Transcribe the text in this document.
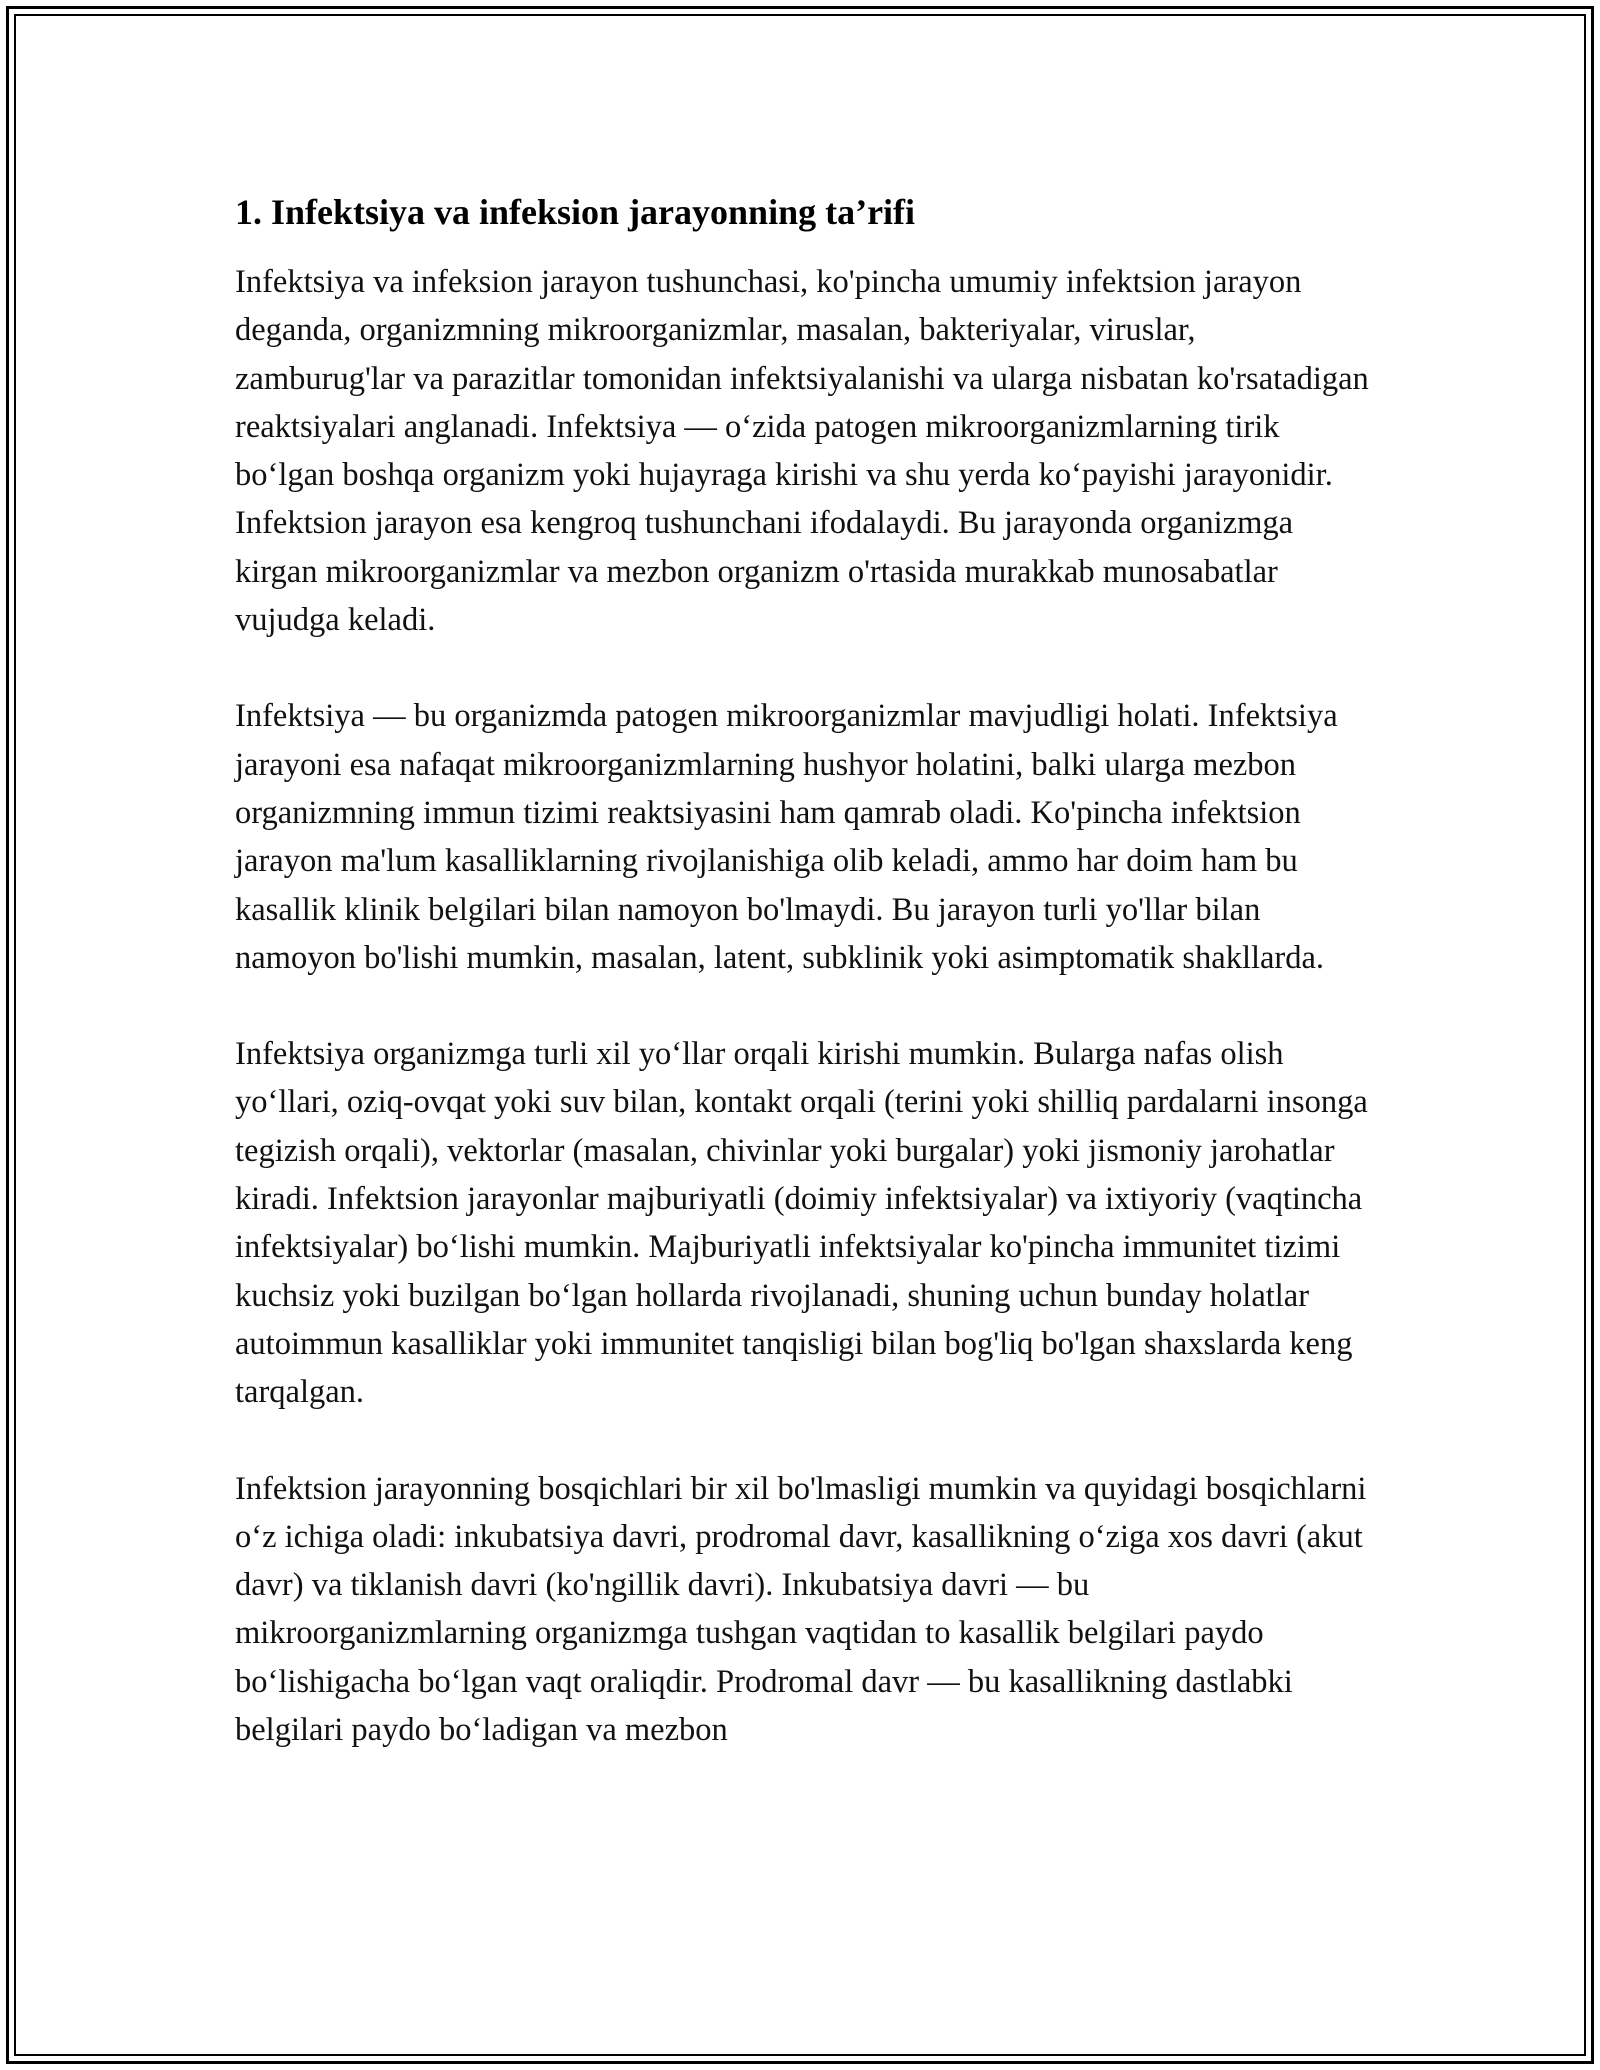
1. Infektsiya va infeksion jarayonning ta’rifi

Infektsiya va infeksion jarayon tushunchasi, ko'pincha umumiy infektsion jarayon deganda, organizmning mikroorganizmlar, masalan, bakteriyalar, viruslar, zamburug'lar va parazitlar tomonidan infektsiyalanishi va ularga nisbatan ko'rsatadigan reaktsiyalari anglanadi. Infektsiya — o‘zida patogen mikroorganizmlarning tirik bo‘lgan boshqa organizm yoki hujayraga kirishi va shu yerda ko‘payishi jarayonidir. Infektsion jarayon esa kengroq tushunchani ifodalaydi. Bu jarayonda organizmga kirgan mikroorganizmlar va mezbon organizm o'rtasida murakkab munosabatlar vujudga keladi.

Infektsiya — bu organizmda patogen mikroorganizmlar mavjudligi holati. Infektsiya jarayoni esa nafaqat mikroorganizmlarning hushyor holatini, balki ularga mezbon organizmning immun tizimi reaktsiyasini ham qamrab oladi. Ko'pincha infektsion jarayon ma'lum kasalliklarning rivojlanishiga olib keladi, ammo har doim ham bu kasallik klinik belgilari bilan namoyon bo'lmaydi. Bu jarayon turli yo'llar bilan namoyon bo'lishi mumkin, masalan, latent, subklinik yoki asimptomatik shakllarda.

Infektsiya organizmga turli xil yo‘llar orqali kirishi mumkin. Bularga nafas olish yo‘llari, oziq-ovqat yoki suv bilan, kontakt orqali (terini yoki shilliq pardalarni insonga tegizish orqali), vektorlar (masalan, chivinlar yoki burgalar) yoki jismoniy jarohatlar kiradi. Infektsion jarayonlar majburiyatli (doimiy infektsiyalar) va ixtiyoriy (vaqtincha infektsiyalar) bo‘lishi mumkin. Majburiyatli infektsiyalar ko'pincha immunitet tizimi kuchsiz yoki buzilgan bo‘lgan hollarda rivojlanadi, shuning uchun bunday holatlar autoimmun kasalliklar yoki immunitet tanqisligi bilan bog'liq bo'lgan shaxslarda keng tarqalgan.

Infektsion jarayonning bosqichlari bir xil bo'lmasligi mumkin va quyidagi bosqichlarni o‘z ichiga oladi: inkubatsiya davri, prodromal davr, kasallikning o‘ziga xos davri (akut davr) va tiklanish davri (ko'ngillik davri). Inkubatsiya davri — bu mikroorganizmlarning organizmga tushgan vaqtidan to kasallik belgilari paydo bo‘lishigacha bo‘lgan vaqt oraliqdir. Prodromal davr — bu kasallikning dastlabki belgilari paydo bo‘ladigan va mezbon
